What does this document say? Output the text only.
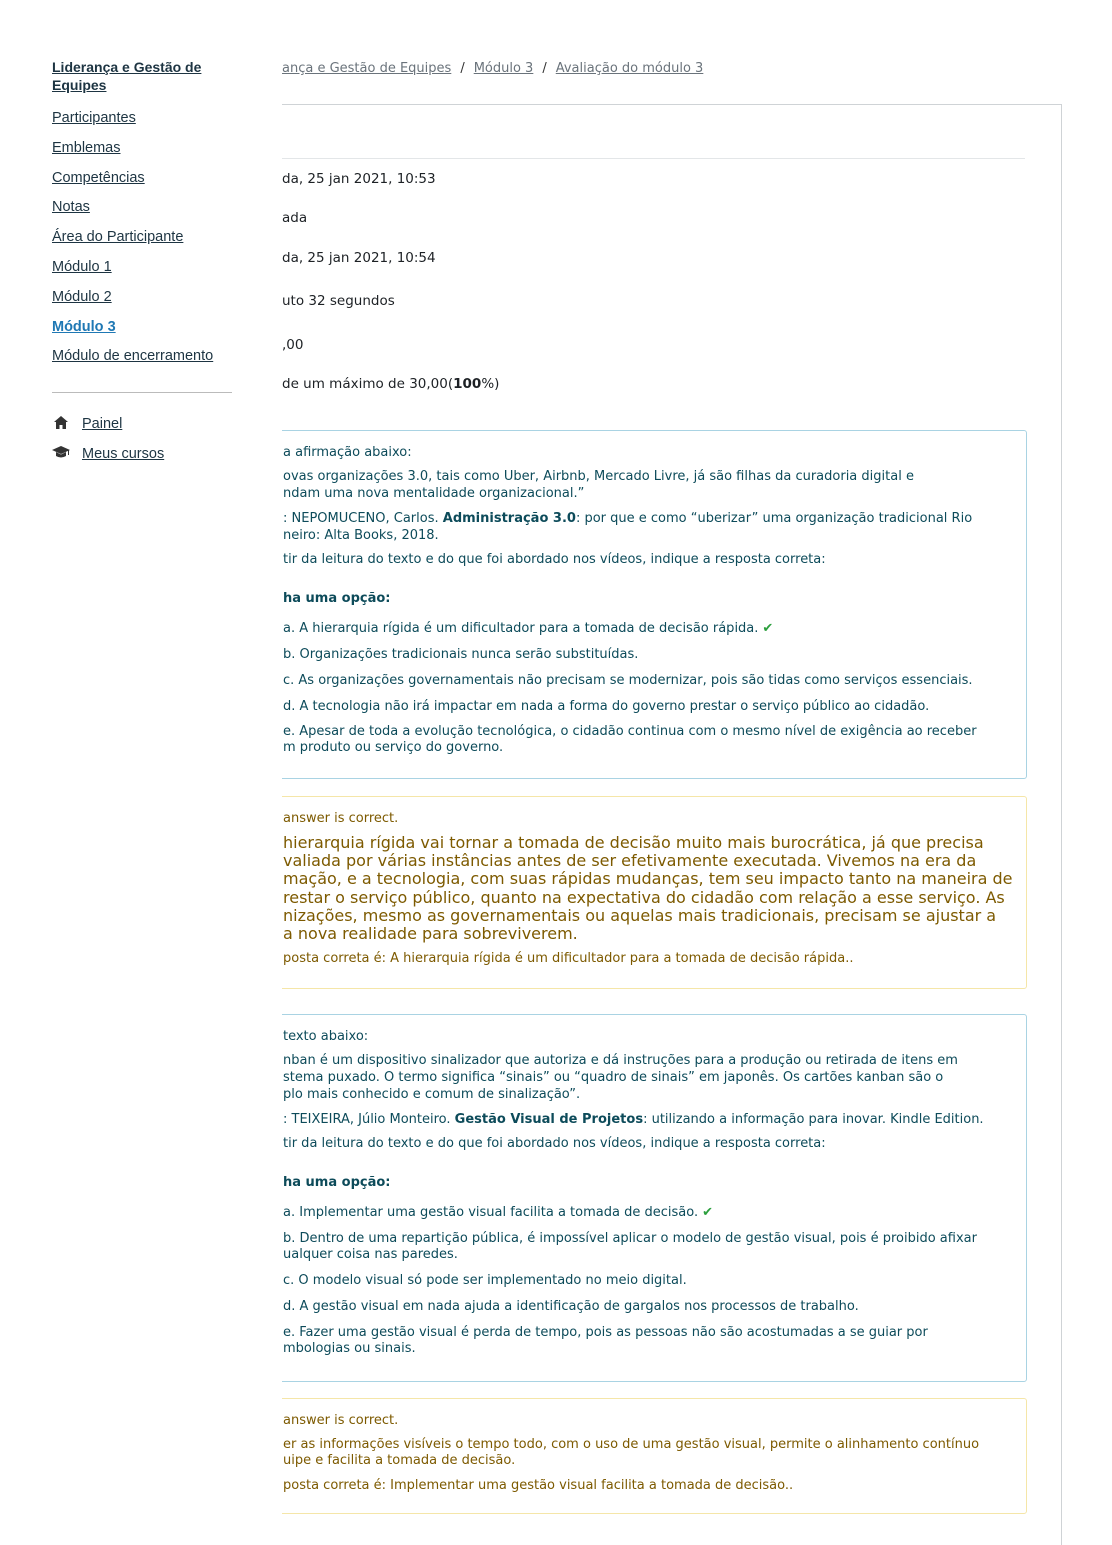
Liderança e Gestão de Equipes
Participantes
Emblemas
Competências
Notas
Área do Participante
Módulo 1
Módulo 2
Módulo 3
Módulo de encerramento
Painel
Meus cursos
ança e Gestão de Equipes / Módulo 3 / Avaliação do módulo 3
da, 25 jan 2021, 10:53
ada
da, 25 jan 2021, 10:54
uto 32 segundos
,00
de um máximo de 30,00(100%)

a afirmação abaixo:

ovas organizações 3.0, tais como Uber, Airbnb, Mercado Livre, já são filhas da curadoria digital e

ndam uma nova mentalidade organizacional.”

: NEPOMUCENO, Carlos. Administração 3.0: por que e como “uberizar” uma organização tradicional Rio

neiro: Alta Books, 2018.

tir da leitura do texto e do que foi abordado nos vídeos, indique a resposta correta:

ha uma opção:

a. A hierarquia rígida é um dificultador para a tomada de decisão rápida. ✔

b. Organizações tradicionais nunca serão substituídas.

c. As organizações governamentais não precisam se modernizar, pois são tidas como serviços essenciais.

d. A tecnologia não irá impactar em nada a forma do governo prestar o serviço público ao cidadão.

e. Apesar de toda a evolução tecnológica, o cidadão continua com o mesmo nível de exigência ao receber
m produto ou serviço do governo.

answer is correct.

hierarquia rígida vai tornar a tomada de decisão muito mais burocrática, já que precisa
valiada por várias instâncias antes de ser efetivamente executada. Vivemos na era da
mação, e a tecnologia, com suas rápidas mudanças, tem seu impacto tanto na maneira de
restar o serviço público, quanto na expectativa do cidadão com relação a esse serviço. As
nizações, mesmo as governamentais ou aquelas mais tradicionais, precisam se ajustar a
a nova realidade para sobreviverem.

posta correta é: A hierarquia rígida é um dificultador para a tomada de decisão rápida..

texto abaixo:

nban é um dispositivo sinalizador que autoriza e dá instruções para a produção ou retirada de itens em

stema puxado. O termo significa “sinais” ou “quadro de sinais” em japonês. Os cartões kanban são o

plo mais conhecido e comum de sinalização”.

: TEIXEIRA, Júlio Monteiro. Gestão Visual de Projetos: utilizando a informação para inovar. Kindle Edition.

tir da leitura do texto e do que foi abordado nos vídeos, indique a resposta correta:

ha uma opção:

a. Implementar uma gestão visual facilita a tomada de decisão. ✔

b. Dentro de uma repartição pública, é impossível aplicar o modelo de gestão visual, pois é proibido afixar
ualquer coisa nas paredes.

c. O modelo visual só pode ser implementado no meio digital.

d. A gestão visual em nada ajuda a identificação de gargalos nos processos de trabalho.

e. Fazer uma gestão visual é perda de tempo, pois as pessoas não são acostumadas a se guiar por
mbologias ou sinais.

answer is correct.

er as informações visíveis o tempo todo, com o uso de uma gestão visual, permite o alinhamento contínuo

uipe e facilita a tomada de decisão.

posta correta é: Implementar uma gestão visual facilita a tomada de decisão..
